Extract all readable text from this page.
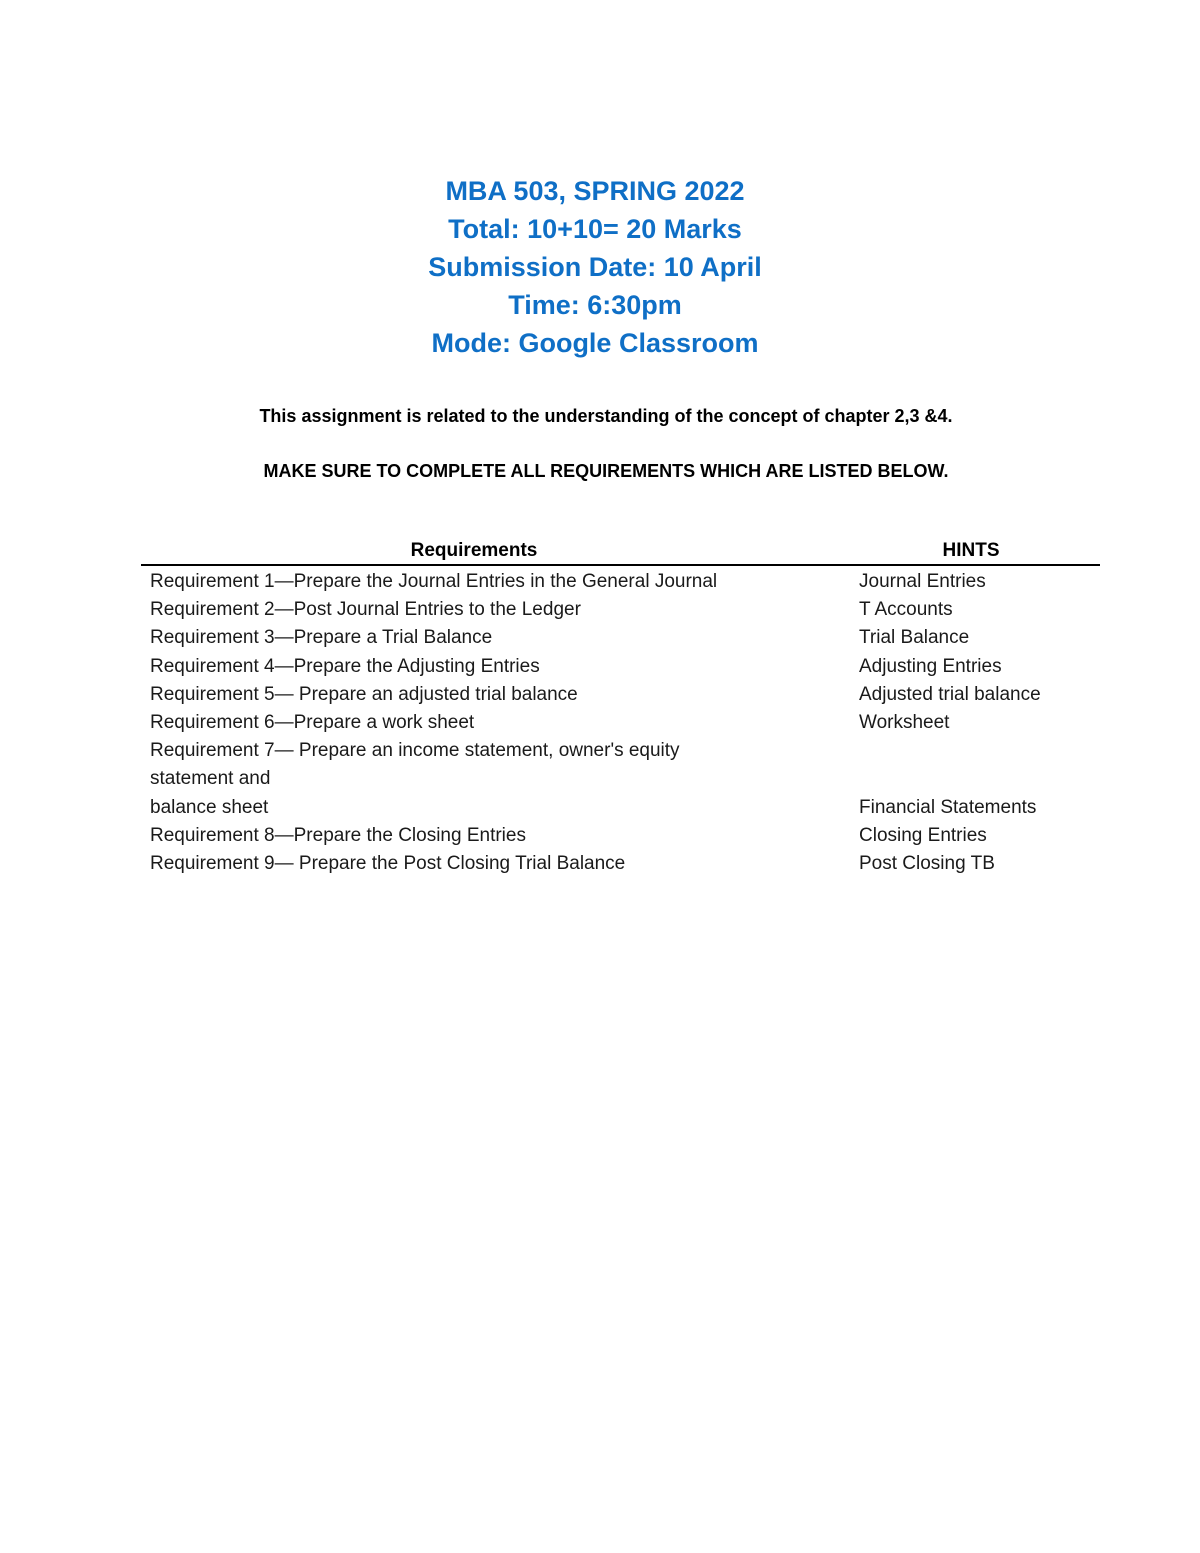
MBA 503, SPRING 2022
Total: 10+10= 20 Marks
Submission Date: 10 April
Time: 6:30pm
Mode: Google Classroom
This assignment is related to the understanding of the concept of chapter 2,3 &4.
MAKE SURE TO COMPLETE ALL REQUIREMENTS WHICH ARE LISTED BELOW.
Requirements	HINTS
Requirement 1—Prepare the Journal Entries in the General Journal	Journal Entries
Requirement 2—Post Journal Entries to the Ledger	T Accounts
Requirement 3—Prepare a Trial Balance	Trial Balance
Requirement 4—Prepare the Adjusting Entries	Adjusting Entries
Requirement 5— Prepare an adjusted trial balance	Adjusted trial balance
Requirement 6—Prepare a work sheet	Worksheet
Requirement 7— Prepare an income statement, owner's equity
statement and
balance sheet	Financial Statements
Requirement 8—Prepare the Closing Entries	Closing Entries
Requirement 9— Prepare the Post Closing Trial Balance	Post Closing TB
